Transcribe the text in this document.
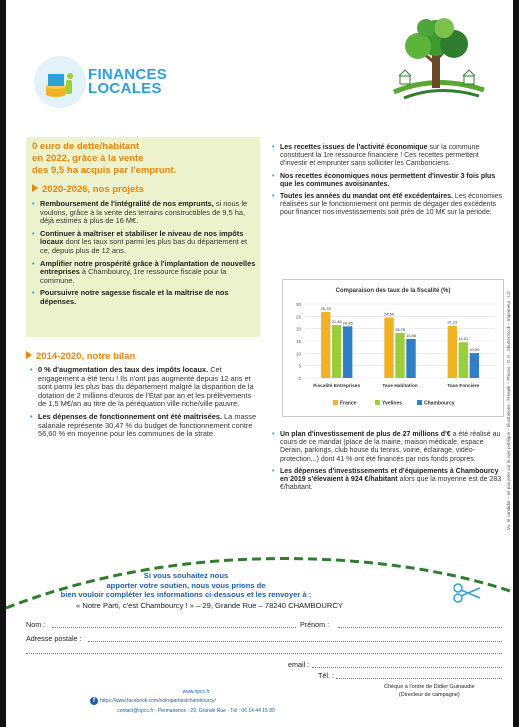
FINANCES
LOCALES
0 euro de dette/habitant
en 2022, grâce à la vente
des 9,5 ha acquis par l'emprunt.
2020-2026, nos projets
• Remboursement de l'intégralité de nos emprunts, si nous le voulons, grâce à la vente des terrains constructibles de 9,5 ha, déjà estimés à plus de 16 M€.
• Continuer à maîtriser et stabiliser le niveau de nos impôts locaux dont les taux sont parmi les plus bas du département et ce, depuis plus de 12 ans.
• Amplifier notre prospérité grâce à l'implantation de nouvelles entreprises à Chambourcy, 1re ressource fiscale pour la commune.
• Poursuivre notre sagesse fiscale et la maîtrise de nos dépenses.
2014-2020, notre bilan
• 0 % d'augmentation des taux des impôts locaux. Cet engagement a été tenu ! Ils n'ont pas augmenté depuis 12 ans et sont parmi les plus bas du département malgré la disparition de la dotation de 2 millions d'euros de l'État par an et les prélèvements de 1,5 M€/an au titre de la péréquation ville riche/ville pauvre.
• Les dépenses de fonctionnement ont été maîtrisées. La masse salariale représente 30,47 % du budget de fonctionnement contre 56,60 % en moyenne pour les communes de la strate.
• Les recettes issues de l'activité économique sur la commune constituent la 1re ressource financière ! Ces recettes permettent d'investir et emprunter sans solliciter les Camboriciens.
• Nos recettes économiques nous permettent d'investir 3 fois plus que les communes avoisinantes.
• Toutes les années du mandat ont été excédentaires. Les économies réalisées sur le fonctionnement ont permis de dégager des excédents pour financer nos investissements soit près de 10 M€ sur la période.
Comparaison des taux de la fiscalité (%)
30
25
20
15
10
5
0
26,78
21,46 20,95
24,54
18,25
15,86
21,19
14,51
10,09
Fiscalité Entreprises	Taxe Habitation	Taxe Foncière
France	Yvelines	Chambourcy
• Un plan d'investissement de plus de 27 millions d'€ a été réalisé au cours de ce mandat (place de la mairie, maison médicale, espace Derain, parkings, club house du tennis, voirie, éclairage, vidéo-protection...) dont 41 % ont été financés par nos fonds propres.
• Les dépenses d'investissements et d'équipements à Chambourcy en 2019 s'élevaient à 924 €/habitant alors que la moyenne est de 283 €/habitant.	Vu, le candidat – ne pas jeter sur la voie publique – illustrations : Freepik – Photos : D.G., Shutterstock – Imprimeur : LD
Si vous souhaitez nous
apporter votre soutien, nous vous prions de
bien vouloir compléter les informations ci-dessous et les renvoyer à :
« Notre Parti, c'est Chambourcy ! » – 29, Grande Rue – 78240 CHAMBOURCY
Nom :	Prénom :
Adresse postale :
email :
Tél. :
Chèque à l'ordre de Didier Guinaudie
(Directeur de campagne)
www.npcc.fr
f	https://www.facebook.com/notrepartiestchambourcy/
contact@npcc.fr - Permanence : 29, Grande Rue - Tél : 06 14 44 15 80
